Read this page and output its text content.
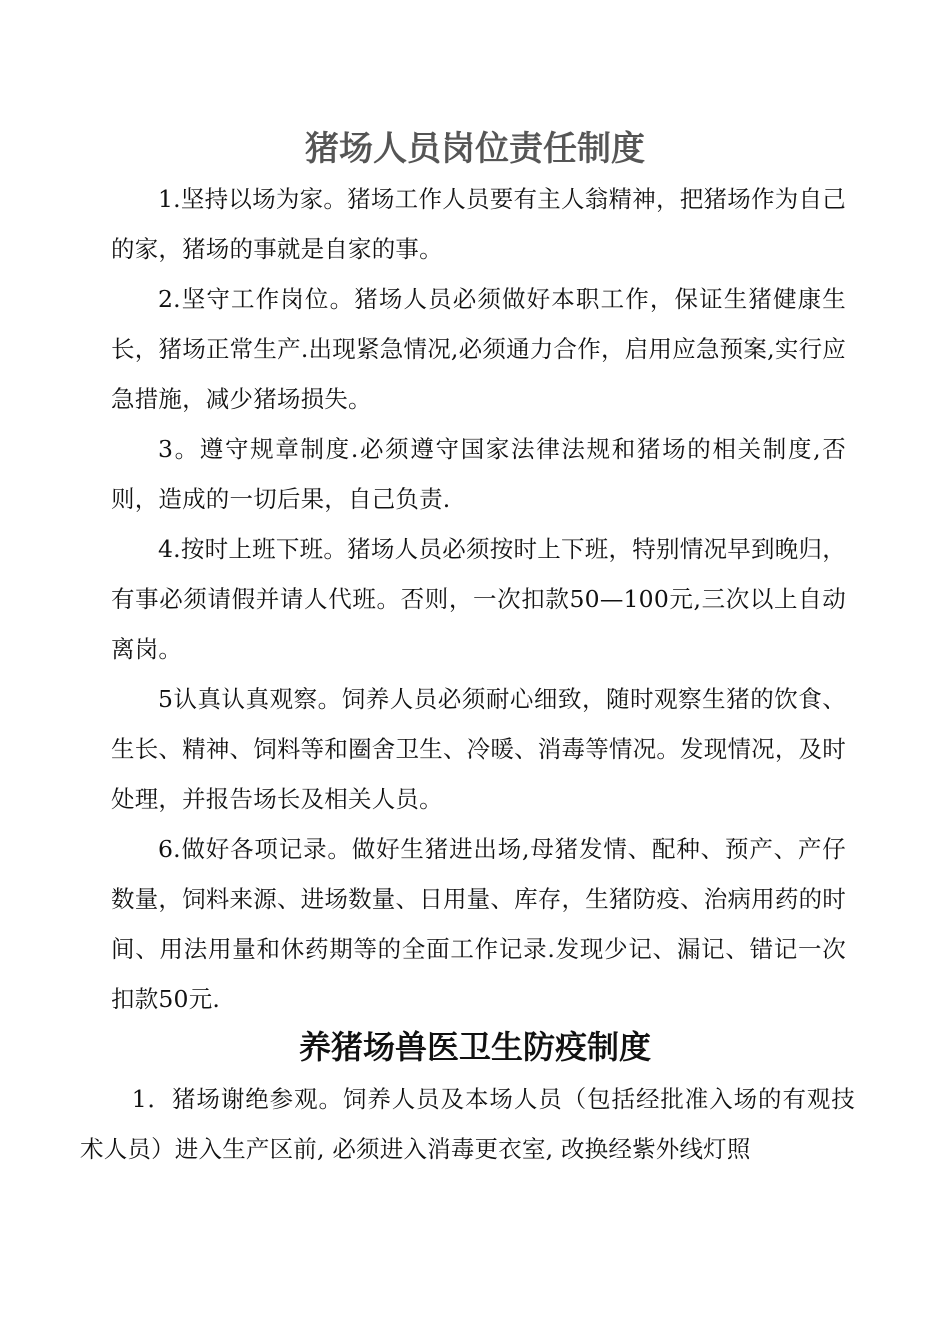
猪场人员岗位责任制度

1.坚持以场为家。猪场工作人员要有主人翁精神，把猪场作为自己的家，猪场的事就是自家的事。

2.坚守工作岗位。猪场人员必须做好本职工作，保证生猪健康生长，猪场正常生产.出现紧急情况,必须通力合作，启用应急预案,实行应急措施，减少猪场损失。

3。遵守规章制度.必须遵守国家法律法规和猪场的相关制度,否则，造成的一切后果，自己负责.

4.按时上班下班。猪场人员必须按时上下班，特别情况早到晚归，有事必须请假并请人代班。否则，一次扣款50—100元,三次以上自动离岗。

5认真认真观察。饲养人员必须耐心细致，随时观察生猪的饮食、生长、精神、饲料等和圈舍卫生、冷暖、消毒等情况。发现情况，及时处理，并报告场长及相关人员。

6.做好各项记录。做好生猪进出场,母猪发情、配种、预产、产仔数量，饲料来源、进场数量、日用量、库存，生猪防疫、治病用药的时间、用法用量和休药期等的全面工作记录.发现少记、漏记、错记一次扣款50元.

养猪场兽医卫生防疫制度

1．猪场谢绝参观。饲养人员及本场人员（包括经批准入场的有观技术人员）进入生产区前, 必须进入消毒更衣室, 改换经紫外线灯照
